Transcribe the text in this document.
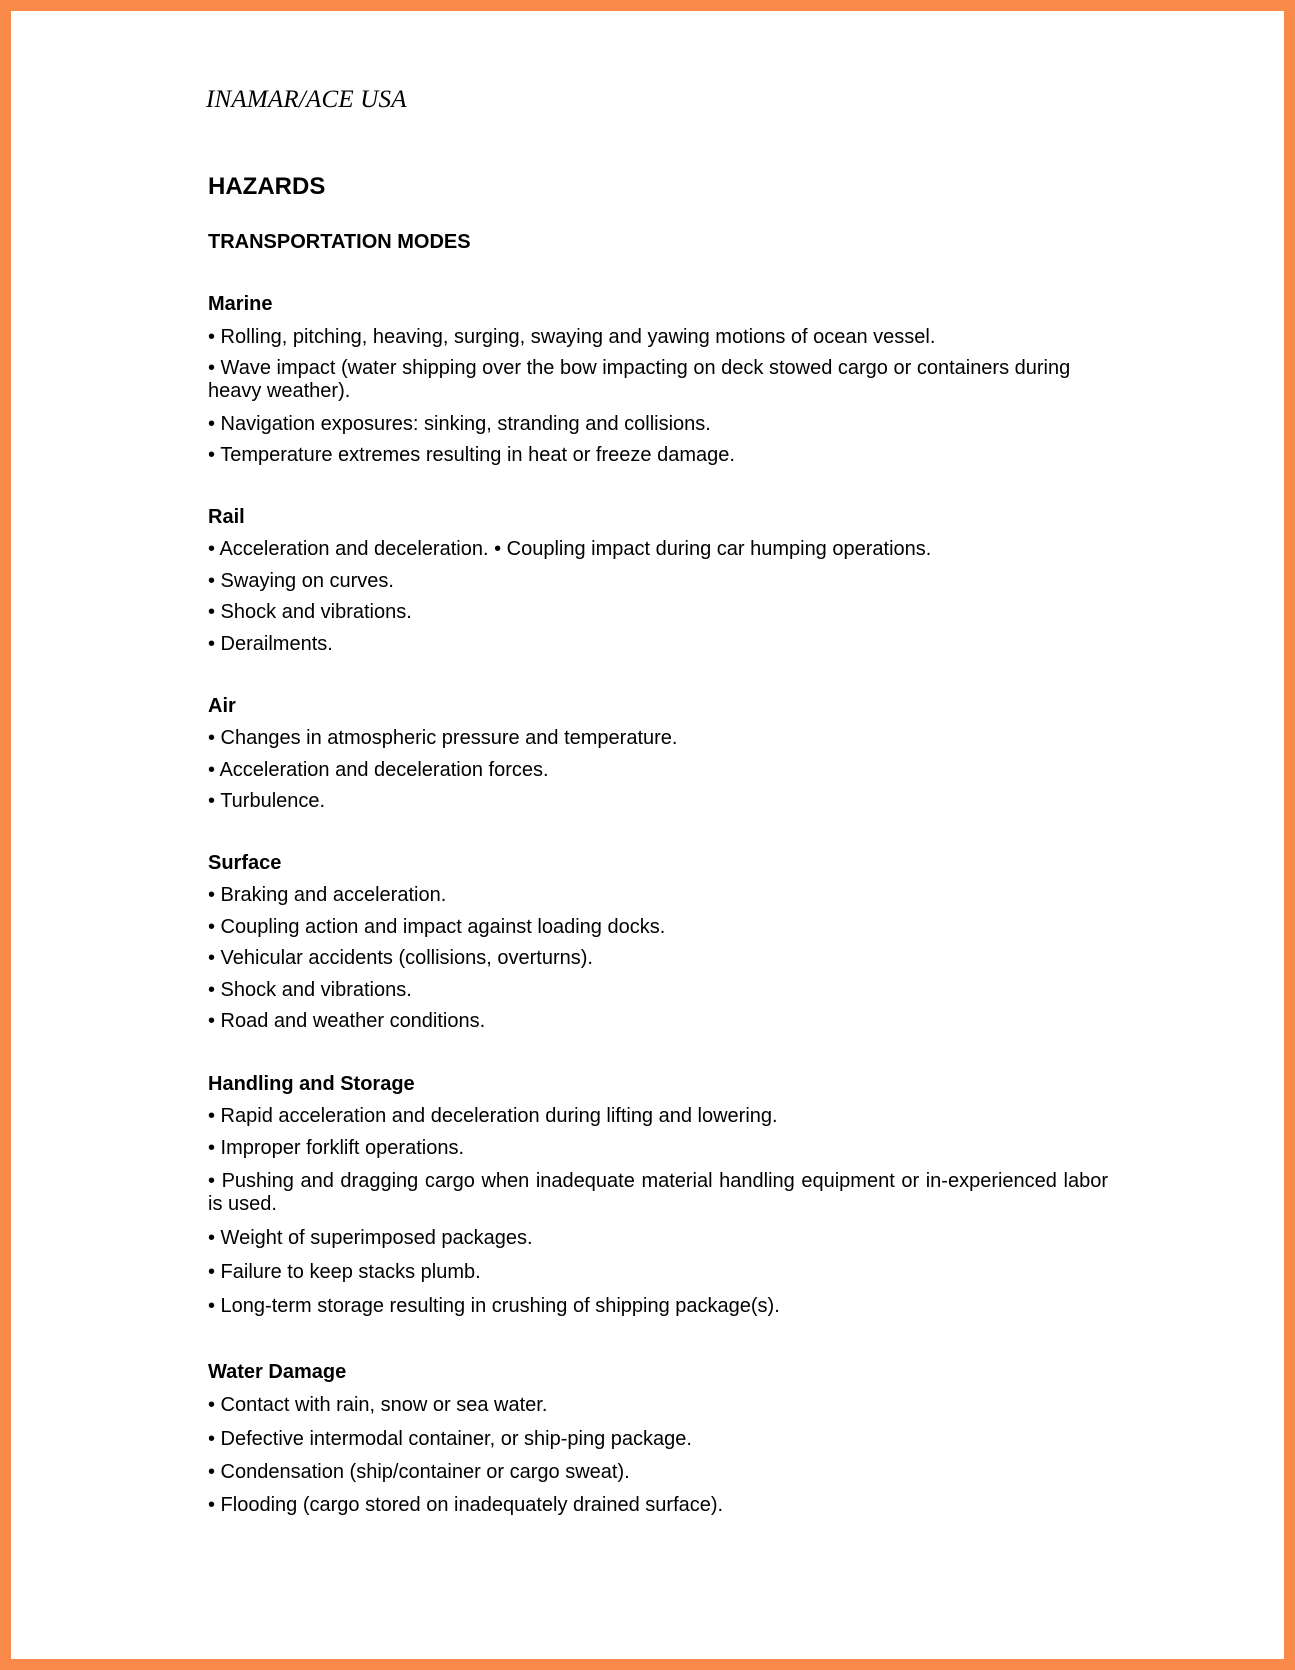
INAMAR/ACE USA
HAZARDS
TRANSPORTATION MODES
Marine

• Rolling, pitching, heaving, surging, swaying and yawing motions of ocean vessel.

• Wave impact (water shipping over the bow impacting on deck stowed cargo or containers during heavy weather).

• Navigation exposures: sinking, stranding and collisions.

• Temperature extremes resulting in heat or freeze damage.

Rail

• Acceleration and deceleration. • Coupling impact during car humping operations.

• Swaying on curves.

• Shock and vibrations.

• Derailments.

Air

• Changes in atmospheric pressure and temperature.

• Acceleration and deceleration forces.

• Turbulence.

Surface

• Braking and acceleration.

• Coupling action and impact against loading docks.

• Vehicular accidents (collisions, overturns).

• Shock and vibrations.

• Road and weather conditions.

Handling and Storage

• Rapid acceleration and deceleration during lifting and lowering.

• Improper forklift operations.

• Pushing and dragging cargo when inadequate material handling equipment or in-experienced labor is used.

• Weight of superimposed packages.

• Failure to keep stacks plumb.

• Long-term storage resulting in crushing of shipping package(s).

Water Damage

• Contact with rain, snow or sea water.

• Defective intermodal container, or ship-ping package.

• Condensation (ship/container or cargo sweat).

• Flooding (cargo stored on inadequately drained surface).
